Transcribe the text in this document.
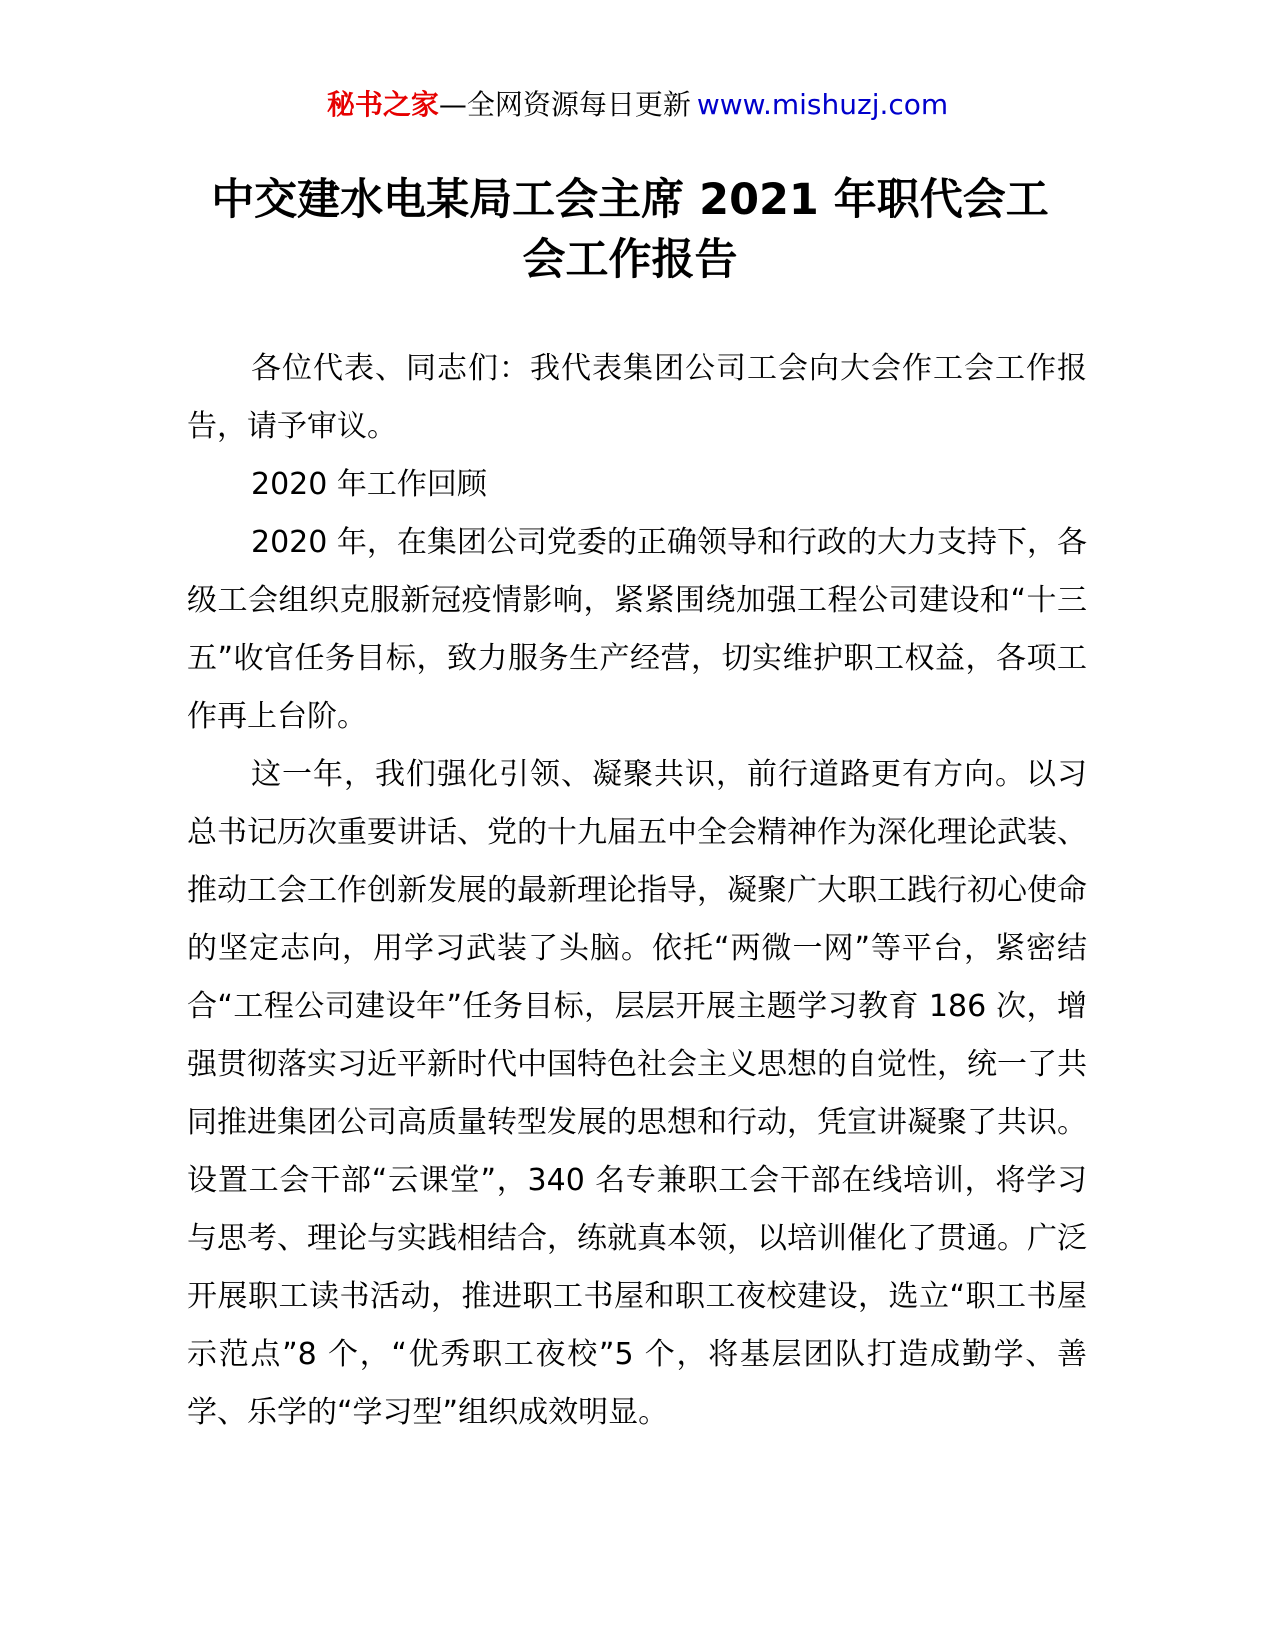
秘书之家—全网资源每日更新 www.mishuzj.com
中交建水电某局工会主席 2021 年职代会工
会工作报告

各位代表、同志们：我代表集团公司工会向大会作工会工作报告，请予审议。

2020 年工作回顾

2020 年，在集团公司党委的正确领导和行政的大力支持下，各级工会组织克服新冠疫情影响，紧紧围绕加强工程公司建设和“十三五”收官任务目标，致力服务生产经营，切实维护职工权益，各项工作再上台阶。

这一年，我们强化引领、凝聚共识，前行道路更有方向。以习总书记历次重要讲话、党的十九届五中全会精神作为深化理论武装、推动工会工作创新发展的最新理论指导，凝聚广大职工践行初心使命的坚定志向，用学习武装了头脑。依托“两微一网”等平台，紧密结合“工程公司建设年”任务目标，层层开展主题学习教育 186 次，增强贯彻落实习近平新时代中国特色社会主义思想的自觉性，统一了共同推进集团公司高质量转型发展的思想和行动，凭宣讲凝聚了共识。设置工会干部“云课堂”，340 名专兼职工会干部在线培训，将学习与思考、理论与实践相结合，练就真本领，以培训催化了贯通。广泛开展职工读书活动，推进职工书屋和职工夜校建设，选立“职工书屋示范点”8 个，“优秀职工夜校”5 个，将基层团队打造成勤学、善学、乐学的“学习型”组织成效明显。
